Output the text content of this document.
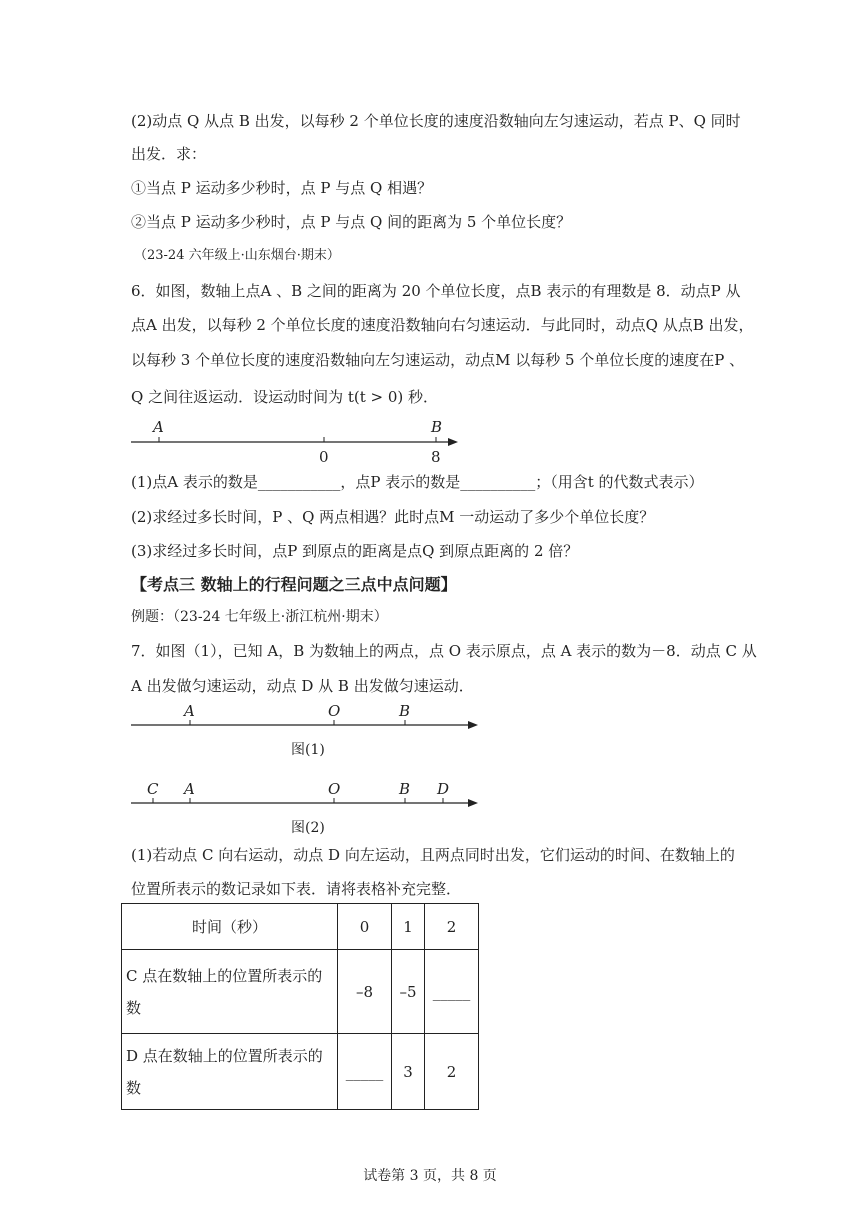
(2)动点 Q 从点 B 出发，以每秒 2 个单位长度的速度沿数轴向左匀速运动，若点 P、Q 同时
出发．求：
①当点 P 运动多少秒时，点 P 与点 Q 相遇？
②当点 P 运动多少秒时，点 P 与点 Q 间的距离为 5 个单位长度？
（23-24 六年级上·山东烟台·期末）
6．如图，数轴上点A 、B 之间的距离为 20 个单位长度，点B 表示的有理数是 8．动点P 从
点A 出发，以每秒 2 个单位长度的速度沿数轴向右匀速运动．与此同时，动点Q 从点B 出发，
以每秒 3 个单位长度的速度沿数轴向左匀速运动，动点M 以每秒 5 个单位长度的速度在P 、
Q 之间往返运动．设运动时间为 t(t > 0) 秒．
A
0	8
B
(1)点A 表示的数是___________，点P 表示的数是__________；（用含t 的代数式表示）
(2)求经过多长时间，P 、Q 两点相遇？此时点M 一动运动了多少个单位长度？
(3)求经过多长时间，点P 到原点的距离是点Q 到原点距离的 2 倍？
【考点三 数轴上的行程问题之三点中点问题】
例题：（23-24 七年级上·浙江杭州·期末）
7．如图（1），已知 A，B 为数轴上的两点，点 O 表示原点，点 A 表示的数为－8．动点 C 从
A 出发做匀速运动，动点 D 从 B 出发做匀速运动．
A	O	B
图(1)
C A	O	B D
图(2)
(1)若动点 C 向右运动，动点 D 向左运动，且两点同时出发，它们运动的时间、在数轴上的
位置所表示的数记录如下表．请将表格补充完整．
时间（秒）	0	1	2
C 点在数轴上的位置所表示的数	–8	–5	_____
D 点在数轴上的位置所表示的数	_____	3	2
试卷第 3 页，共 8 页
